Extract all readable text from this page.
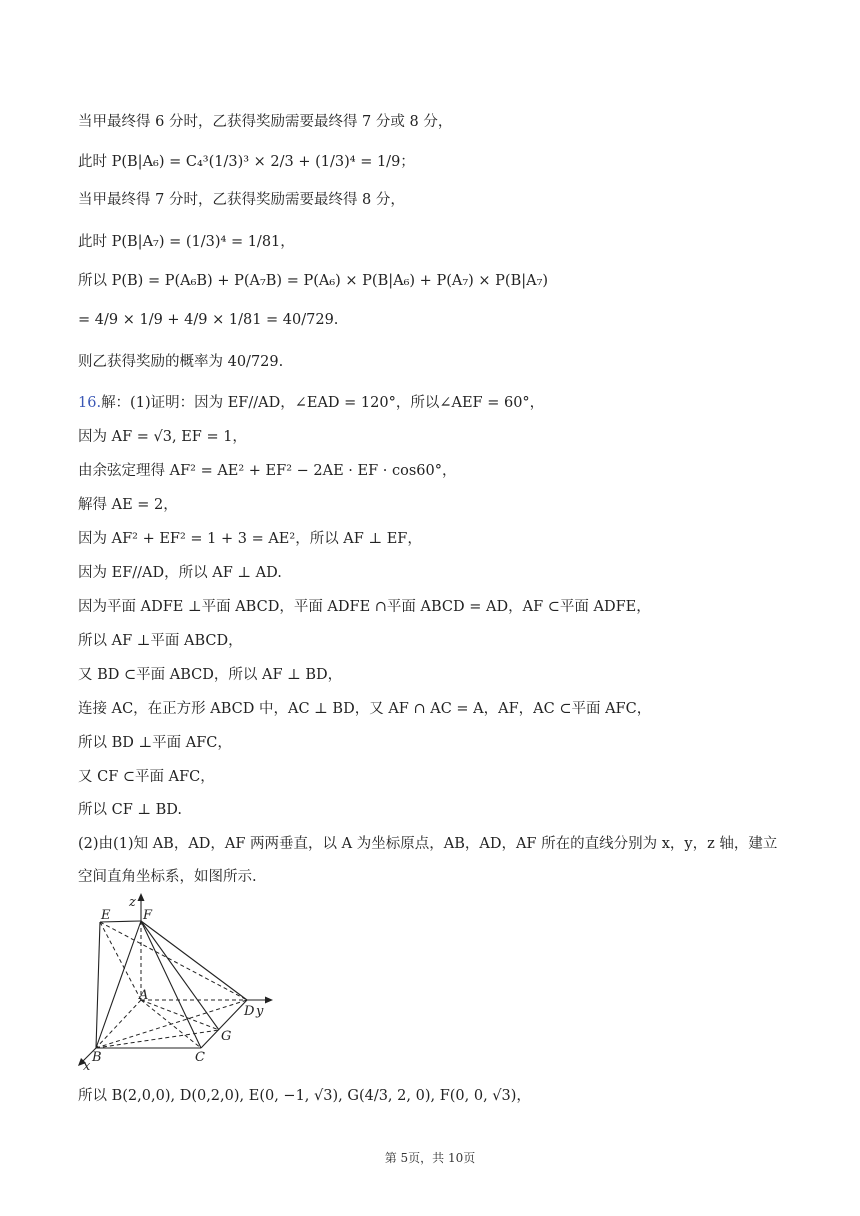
当甲最终得 6 分时，乙获得奖励需要最终得 7 分或 8 分，
此时 P(B|A₆) = C₄³(1/3)³ × 2/3 + (1/3)⁴ = 1/9；
当甲最终得 7 分时，乙获得奖励需要最终得 8 分，
此时 P(B|A₇) = (1/3)⁴ = 1/81，
所以 P(B) = P(A₆B) + P(A₇B) = P(A₆) × P(B|A₆) + P(A₇) × P(B|A₇)
= 4/9 × 1/9 + 4/9 × 1/81 = 40/729.
则乙获得奖励的概率为 40/729.
16.解：(1)证明：因为 EF//AD，∠EAD = 120°，所以∠AEF = 60°，
因为 AF = √3, EF = 1，
由余弦定理得 AF² = AE² + EF² − 2AE · EF · cos60°，
解得 AE = 2，
因为 AF² + EF² = 1 + 3 = AE²，所以 AF ⊥ EF，
因为 EF//AD，所以 AF ⊥ AD.
因为平面 ADFE ⊥平面 ABCD，平面 ADFE ∩平面 ABCD = AD，AF ⊂平面 ADFE，
所以 AF ⊥平面 ABCD，
又 BD ⊂平面 ABCD，所以 AF ⊥ BD，
连接 AC，在正方形 ABCD 中，AC ⊥ BD，又 AF ∩ AC = A，AF，AC ⊂平面 AFC，
所以 BD ⊥平面 AFC，
又 CF ⊂平面 AFC，
所以 CF ⊥ BD.
(2)由(1)知 AB，AD，AF 两两垂直，以 A 为坐标原点，AB，AD，AF 所在的直线分别为 x，y，z 轴，建立
空间直角坐标系，如图所示.
E
z
F
A
D y
G
B	C
x
所以 B(2,0,0), D(0,2,0), E(0, −1, √3), G(4/3, 2, 0), F(0, 0, √3)，
第 5页，共 10页
